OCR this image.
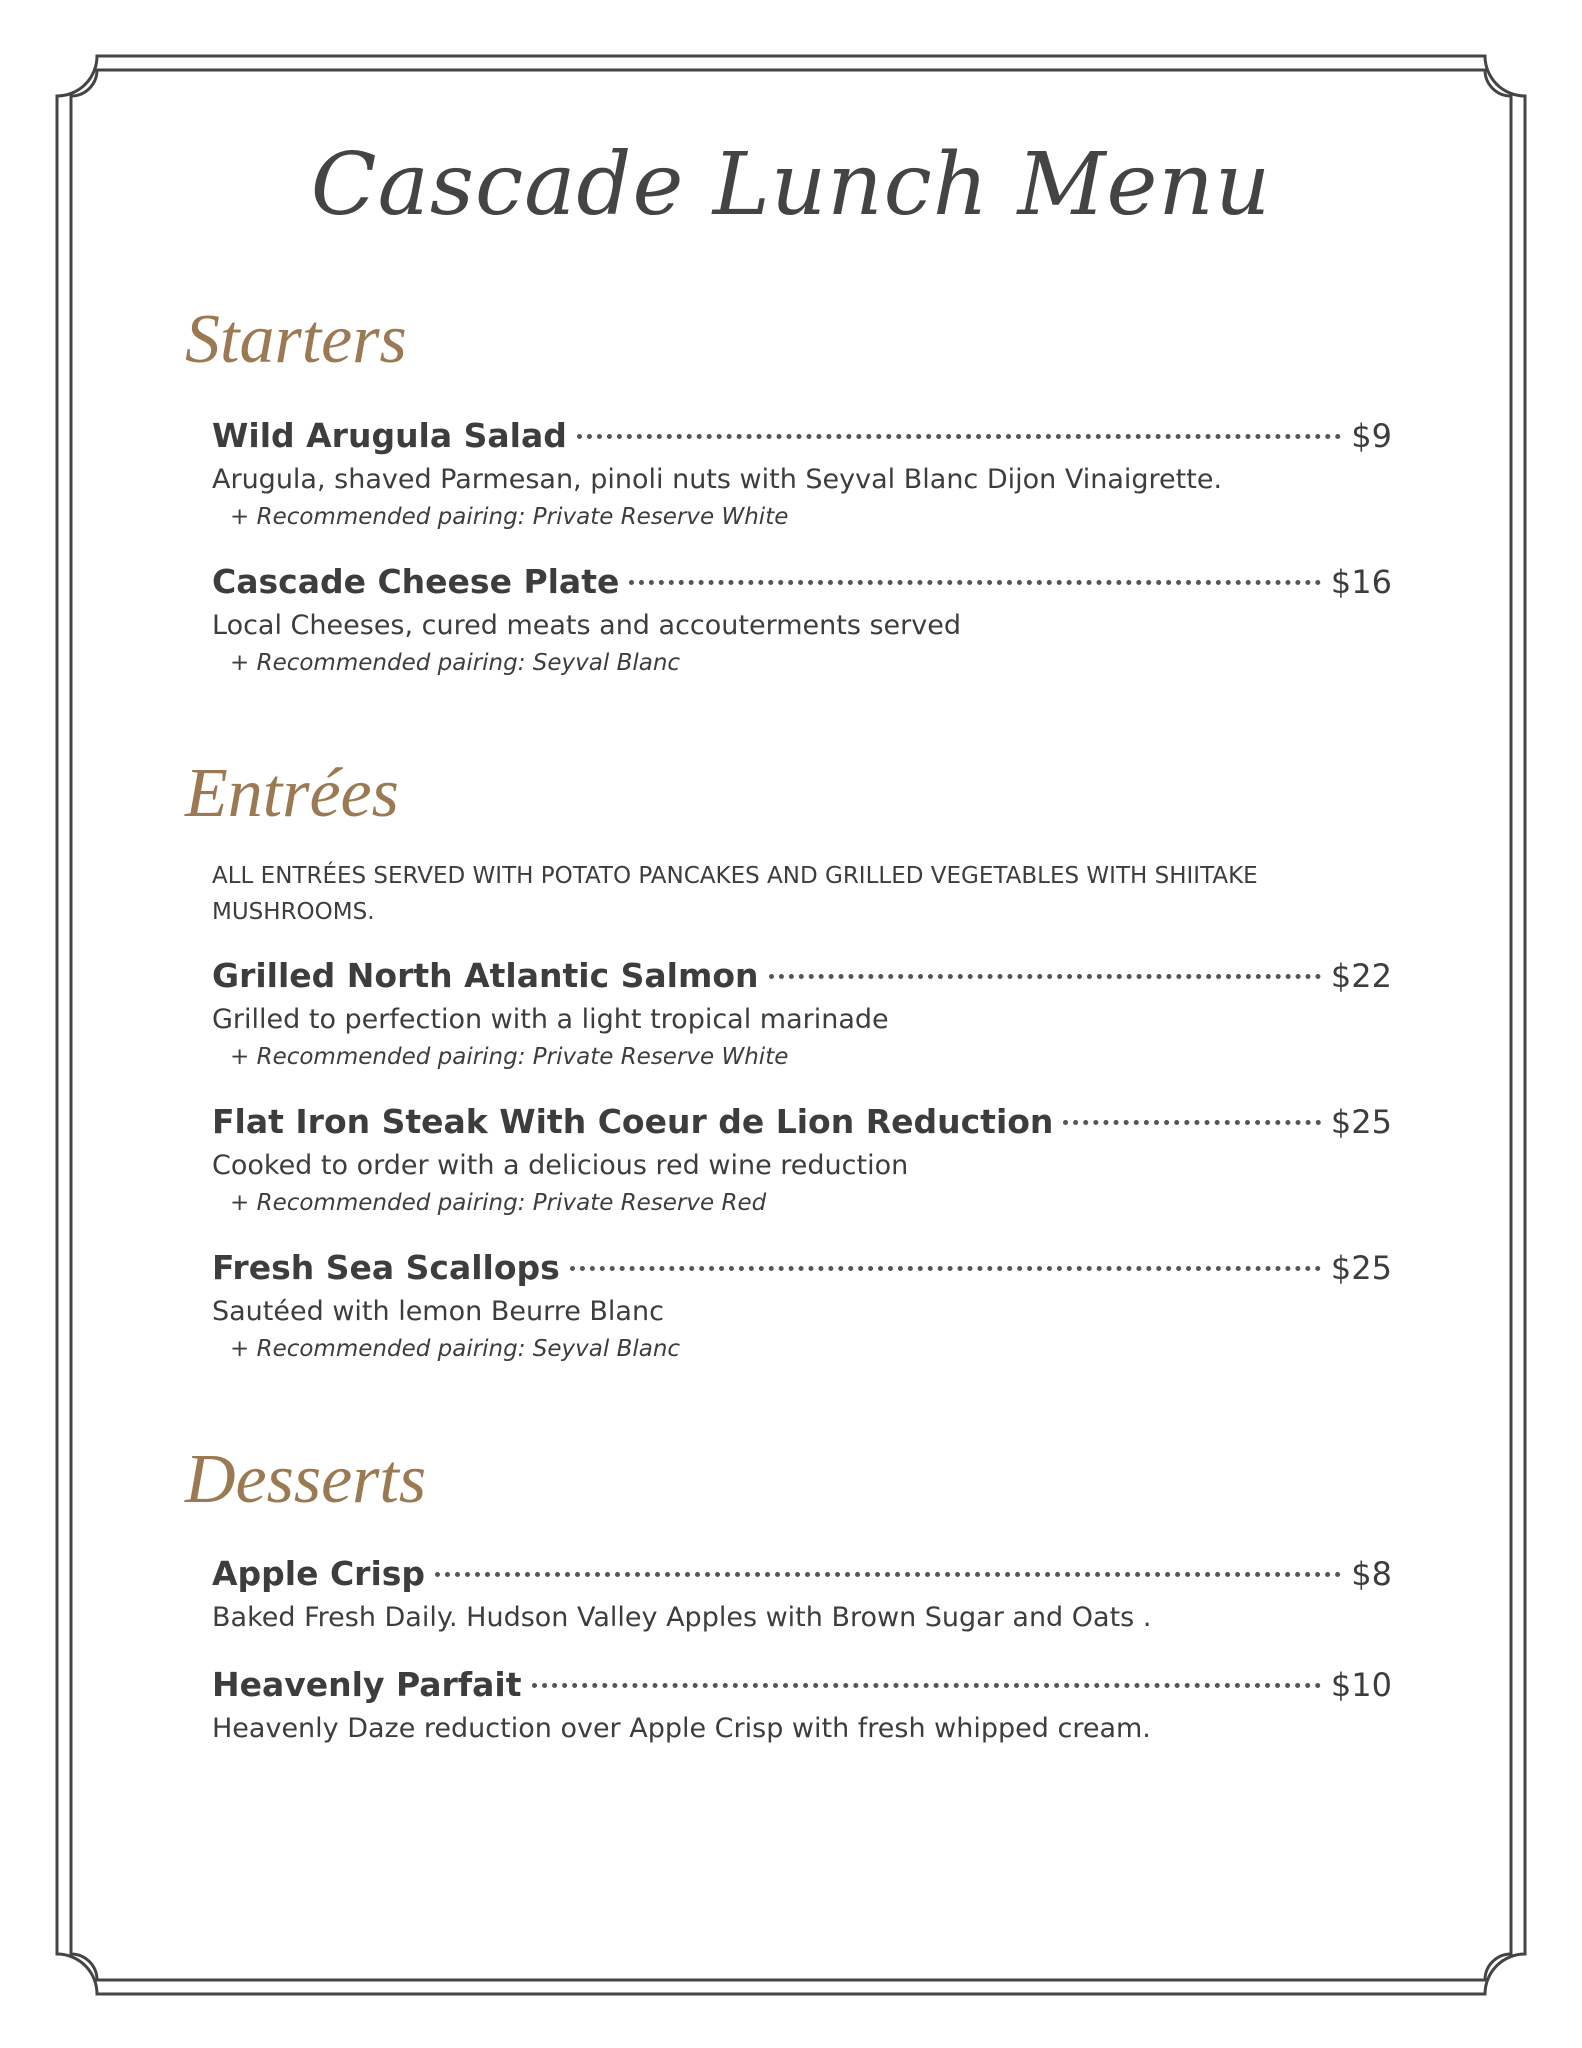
Cascade Lunch Menu
Starters
Wild Arugula Salad	$9
Arugula, shaved Parmesan, pinoli nuts with Seyval Blanc Dijon Vinaigrette.
+ Recommended pairing: Private Reserve White
Cascade Cheese Plate	$16
Local Cheeses, cured meats and accouterments served
+ Recommended pairing: Seyval Blanc
Entrées
ALL ENTRÉES SERVED WITH POTATO PANCAKES AND GRILLED VEGETABLES WITH SHIITAKE MUSHROOMS.
Grilled North Atlantic Salmon	$22
Grilled to perfection with a light tropical marinade
+ Recommended pairing: Private Reserve White
Flat Iron Steak With Coeur de Lion Reduction	$25
Cooked to order with a delicious red wine reduction
+ Recommended pairing: Private Reserve Red
Fresh Sea Scallops	$25
Sautéed with lemon Beurre Blanc
+ Recommended pairing: Seyval Blanc
Desserts
Apple Crisp	$8
Baked Fresh Daily. Hudson Valley Apples with Brown Sugar and Oats .
Heavenly Parfait	$10
Heavenly Daze reduction over Apple Crisp with fresh whipped cream.
